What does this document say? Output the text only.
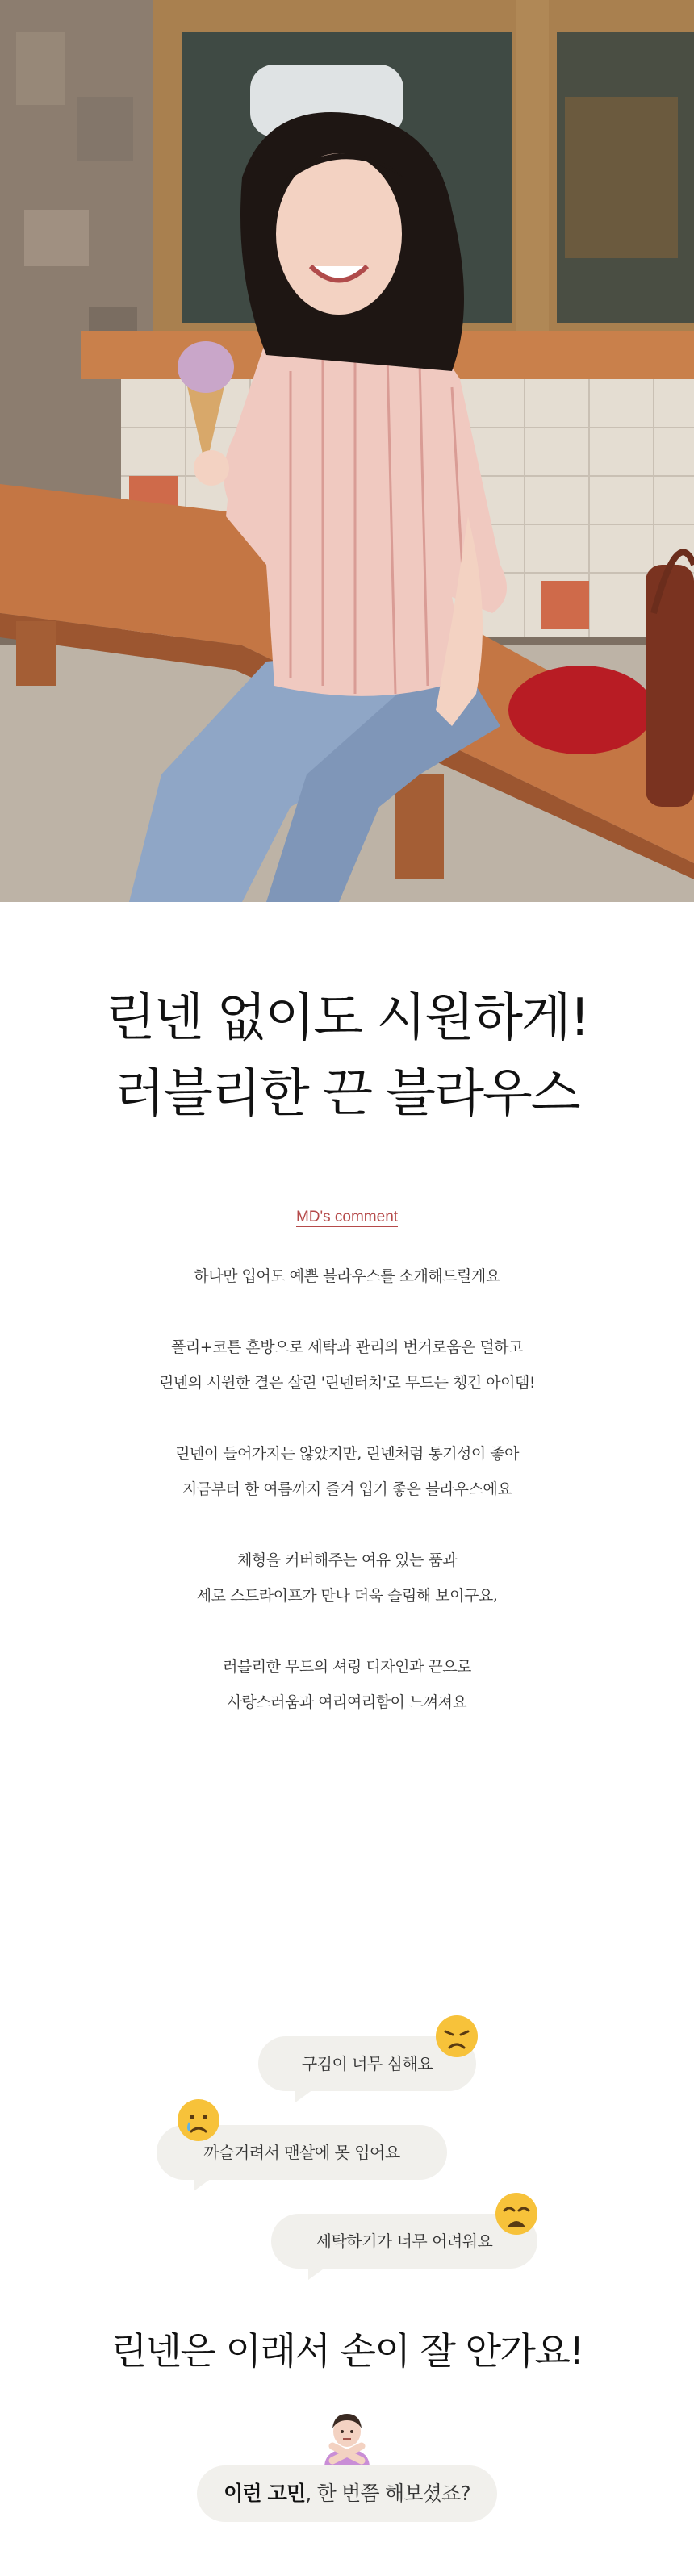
린넨 없이도 시원하게!
러블리한 끈 블라우스
MD's comment
하나만 입어도 예쁜 블라우스를 소개해드릴게요
폴리+코튼 혼방으로 세탁과 관리의 번거로움은 덜하고
린넨의 시원한 결은 살린 '린넨터치'로 무드는 챙긴 아이템!
린넨이 들어가지는 않았지만, 린넨처럼 통기성이 좋아
지금부터 한 여름까지 즐겨 입기 좋은 블라우스에요
체형을 커버해주는 여유 있는 품과
세로 스트라이프가 만나 더욱 슬림해 보이구요,
러블리한 무드의 셔링 디자인과 끈으로
사랑스러움과 여리여리함이 느껴져요
구김이 너무 심해요
까슬거려서 맨살에 못 입어요
세탁하기가 너무 어려워요
린넨은 이래서 손이 잘 안가요!
이런 고민, 한 번쯤 해보셨죠?
